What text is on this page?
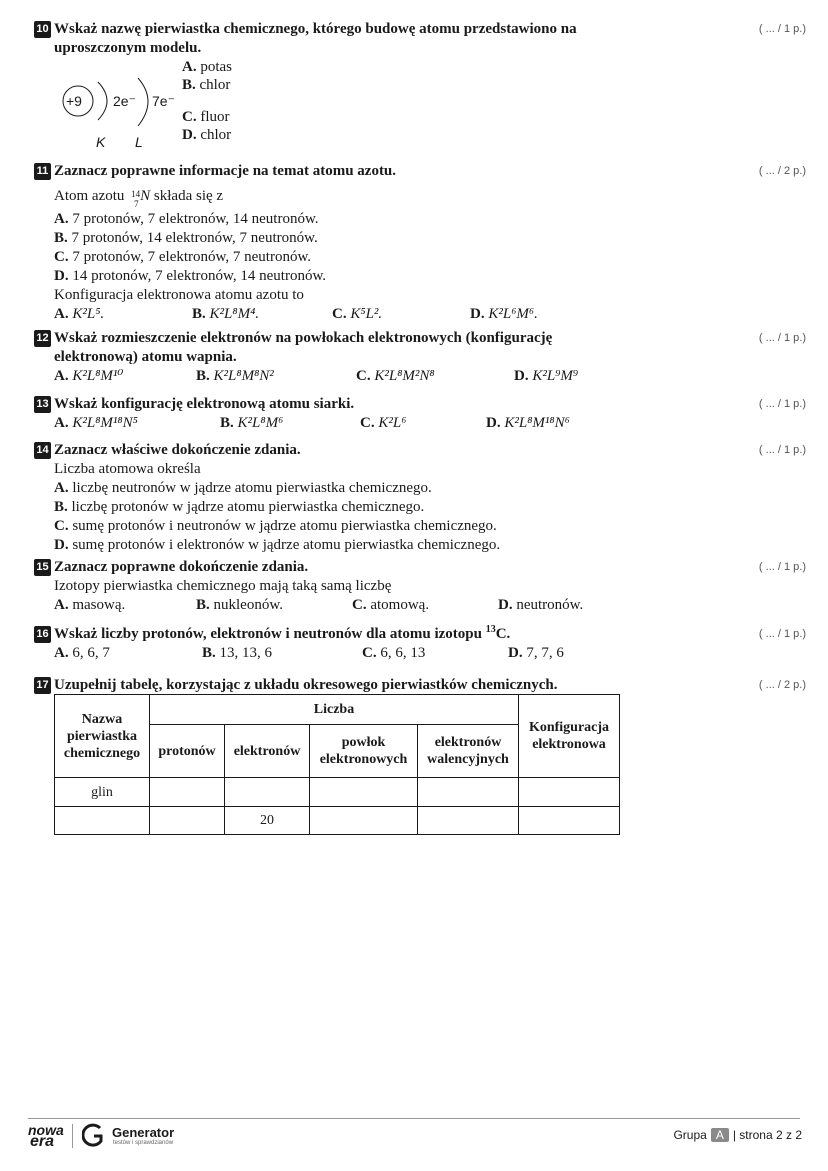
10 Wskaż nazwę pierwiastka chemicznego, którego budowę atomu przedstawiono na uproszczonym modelu.
( ... / 1 p.)
+9 2e⁻ 7e⁻
K L
A. potas
B. chlor
C. fluor
D. chlor
11 Zaznacz poprawne informacje na temat atomu azotu.	( ... / 2 p.)
Atom azotu 14
7 N składa się z
A. 7 protonów, 7 elektronów, 14 neutronów.
B. 7 protonów, 14 elektronów, 7 neutronów.
C. 7 protonów, 7 elektronów, 7 neutronów.
D. 14 protonów, 7 elektronów, 14 neutronów.
Konfiguracja elektronowa atomu azotu to
A. K²L⁵.	B. K²L⁸M⁴.	C. K⁵L².	D. K²L⁶M⁶.
12 Wskaż rozmieszczenie elektronów na powłokach elektronowych (konfigurację elektronową) atomu wapnia.
( ... / 1 p.)
A. K²L⁸M¹⁰	B. K²L⁸M⁸N²	C. K²L⁸M²N⁸	D. K²L⁹M⁹
13 Wskaż konfigurację elektronową atomu siarki.	( ... / 1 p.)
A. K²L⁸M¹⁸N⁵	B. K²L⁸M⁶	C. K²L⁶	D. K²L⁸M¹⁸N⁶
14 Zaznacz właściwe dokończenie zdania.	( ... / 1 p.)
Liczba atomowa określa
A. liczbę neutronów w jądrze atomu pierwiastka chemicznego.
B. liczbę protonów w jądrze atomu pierwiastka chemicznego.
C. sumę protonów i neutronów w jądrze atomu pierwiastka chemicznego.
D. sumę protonów i elektronów w jądrze atomu pierwiastka chemicznego.
15 Zaznacz poprawne dokończenie zdania.	( ... / 1 p.)
Izotopy pierwiastka chemicznego mają taką samą liczbę
A. masową.	B. nukleonów.	C. atomową.	D. neutronów.
16 Wskaż liczby protonów, elektronów i neutronów dla atomu izotopu $^{13}$C.	( ... / 1 p.)
A. 6, 6, 7	B. 13, 13, 6	C. 6, 6, 13	D. 7, 7, 6
17 Uzupełnij tabelę, korzystając z układu okresowego pierwiastków chemicznych.	( ... / 2 p.)
Nazwa pierwiastka chemicznego	Liczba				Konfiguracja elektronowa
	protonów	elektronów	powłok elektronowych	elektronów walencyjnych	
glin					
		20			
nowa
era
Generator
testów i sprawdzianów
Grupa A | strona 2 z 2
